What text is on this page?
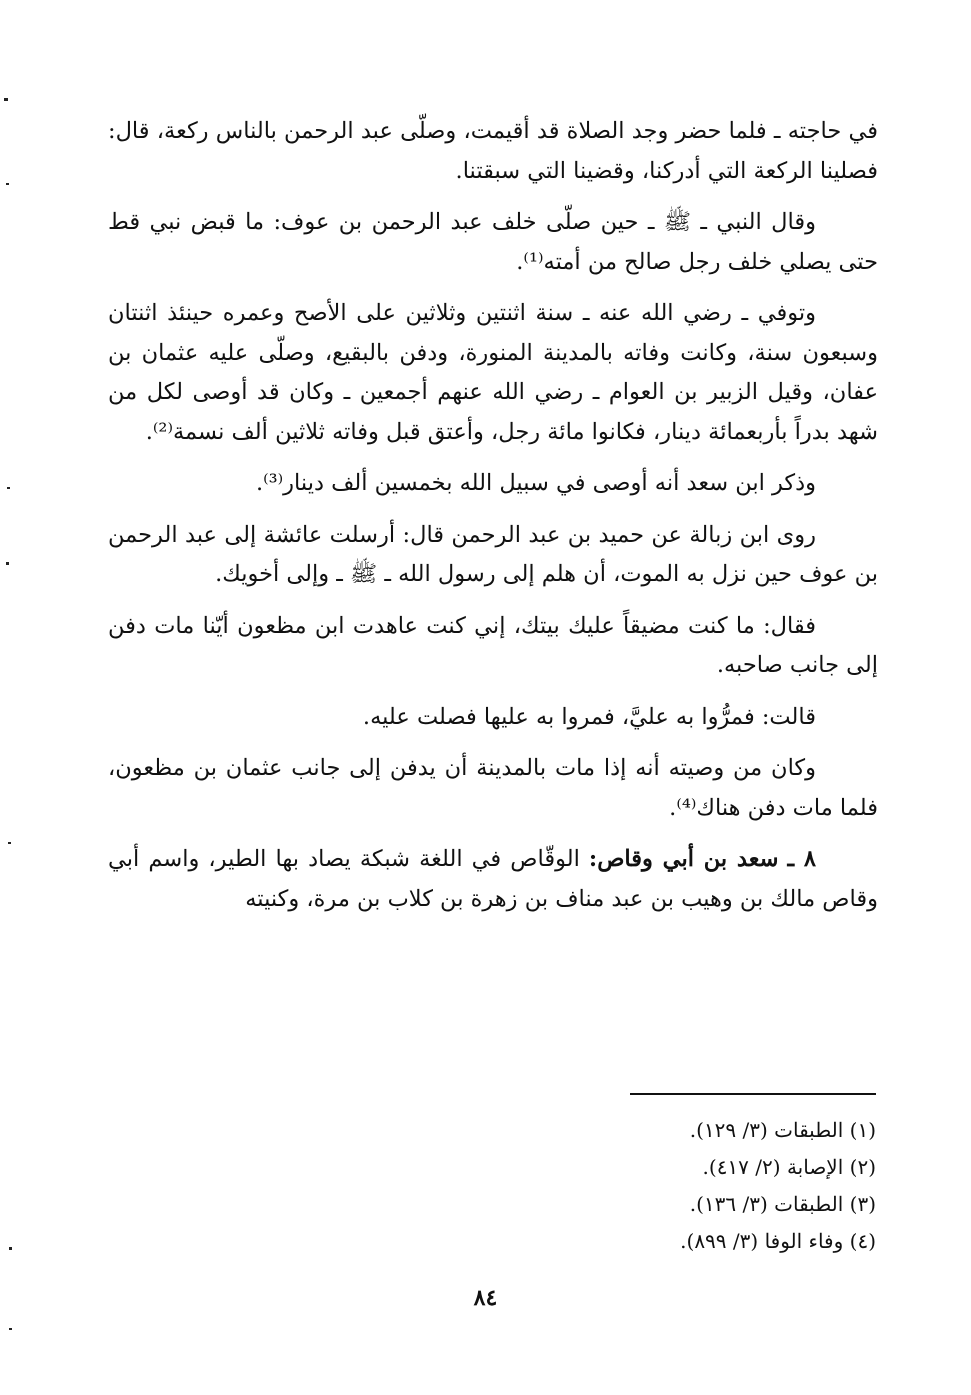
في حاجته ـ فلما حضر وجد الصلاة قد أقيمت، وصلّى عبد الرحمن بالناس ركعة، قال: فصلينا الركعة التي أدركنا، وقضينا التي سبقتنا.

وقال النبي ـ ﷺ ـ حين صلّى خلف عبد الرحمن بن عوف: ما قبض نبي قط حتى يصلي خلف رجل صالح من أمته⁽¹⁾.

وتوفي ـ رضي الله عنه ـ سنة اثنتين وثلاثين على الأصح وعمره حينئذ اثنتان وسبعون سنة، وكانت وفاته بالمدينة المنورة، ودفن بالبقيع، وصلّى عليه عثمان بن عفان، وقيل الزبير بن العوام ـ رضي الله عنهم أجمعين ـ وكان قد أوصى لكل من شهد بدراً بأربعمائة دينار، فكانوا مائة رجل، وأعتق قبل وفاته ثلاثين ألف نسمة⁽²⁾.

وذكر ابن سعد أنه أوصى في سبيل الله بخمسين ألف دينار⁽³⁾.

روى ابن زبالة عن حميد بن عبد الرحمن قال: أرسلت عائشة إلى عبد الرحمن بن عوف حين نزل به الموت، أن هلم إلى رسول الله ـ ﷺ ـ وإلى أخويك.

فقال: ما كنت مضيقاً عليك بيتك، إني كنت عاهدت ابن مظعون أيّنا مات دفن إلى جانب صاحبه.

قالت: فمرُّوا به عليَّ، فمروا به عليها فصلت عليه.

وكان من وصيته أنه إذا مات بالمدينة أن يدفن إلى جانب عثمان بن مظعون، فلما مات دفن هناك⁽⁴⁾.

٨ ـ سعد بن أبي وقاص: الوقّاص في اللغة شبكة يصاد بها الطير، واسم أبي وقاص مالك بن وهيب بن عبد مناف بن زهرة بن كلاب بن مرة، وكنيته

(١) الطبقات (٣/ ١٢٩).
(٢) الإصابة (٢/ ٤١٧).
(٣) الطبقات (٣/ ١٣٦).
(٤) وفاء الوفا (٣/ ٨٩٩).
٨٤
